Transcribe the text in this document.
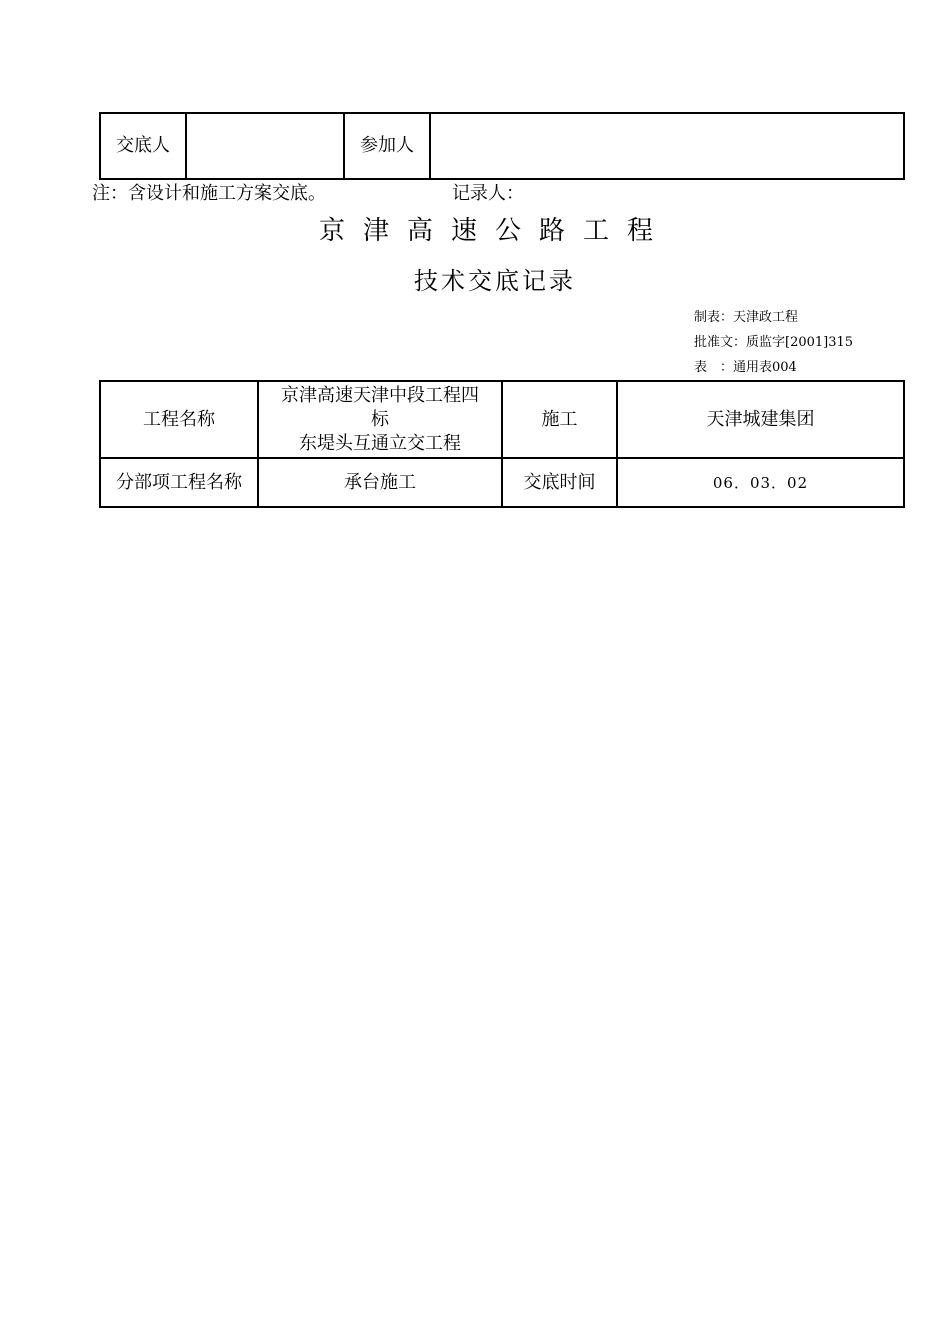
交底人		参加人	
注：含设计和施工方案交底。	记录人：
京津高速公路工程
技术交底记录
制表：天津政工程
批准文：质监字[2001]315
表　：通用表004
工程名称	京津高速天津中段工程四
标
东堤头互通立交工程	施工	天津城建集团
分部项工程名称	承台施工	交底时间	06．03．02
